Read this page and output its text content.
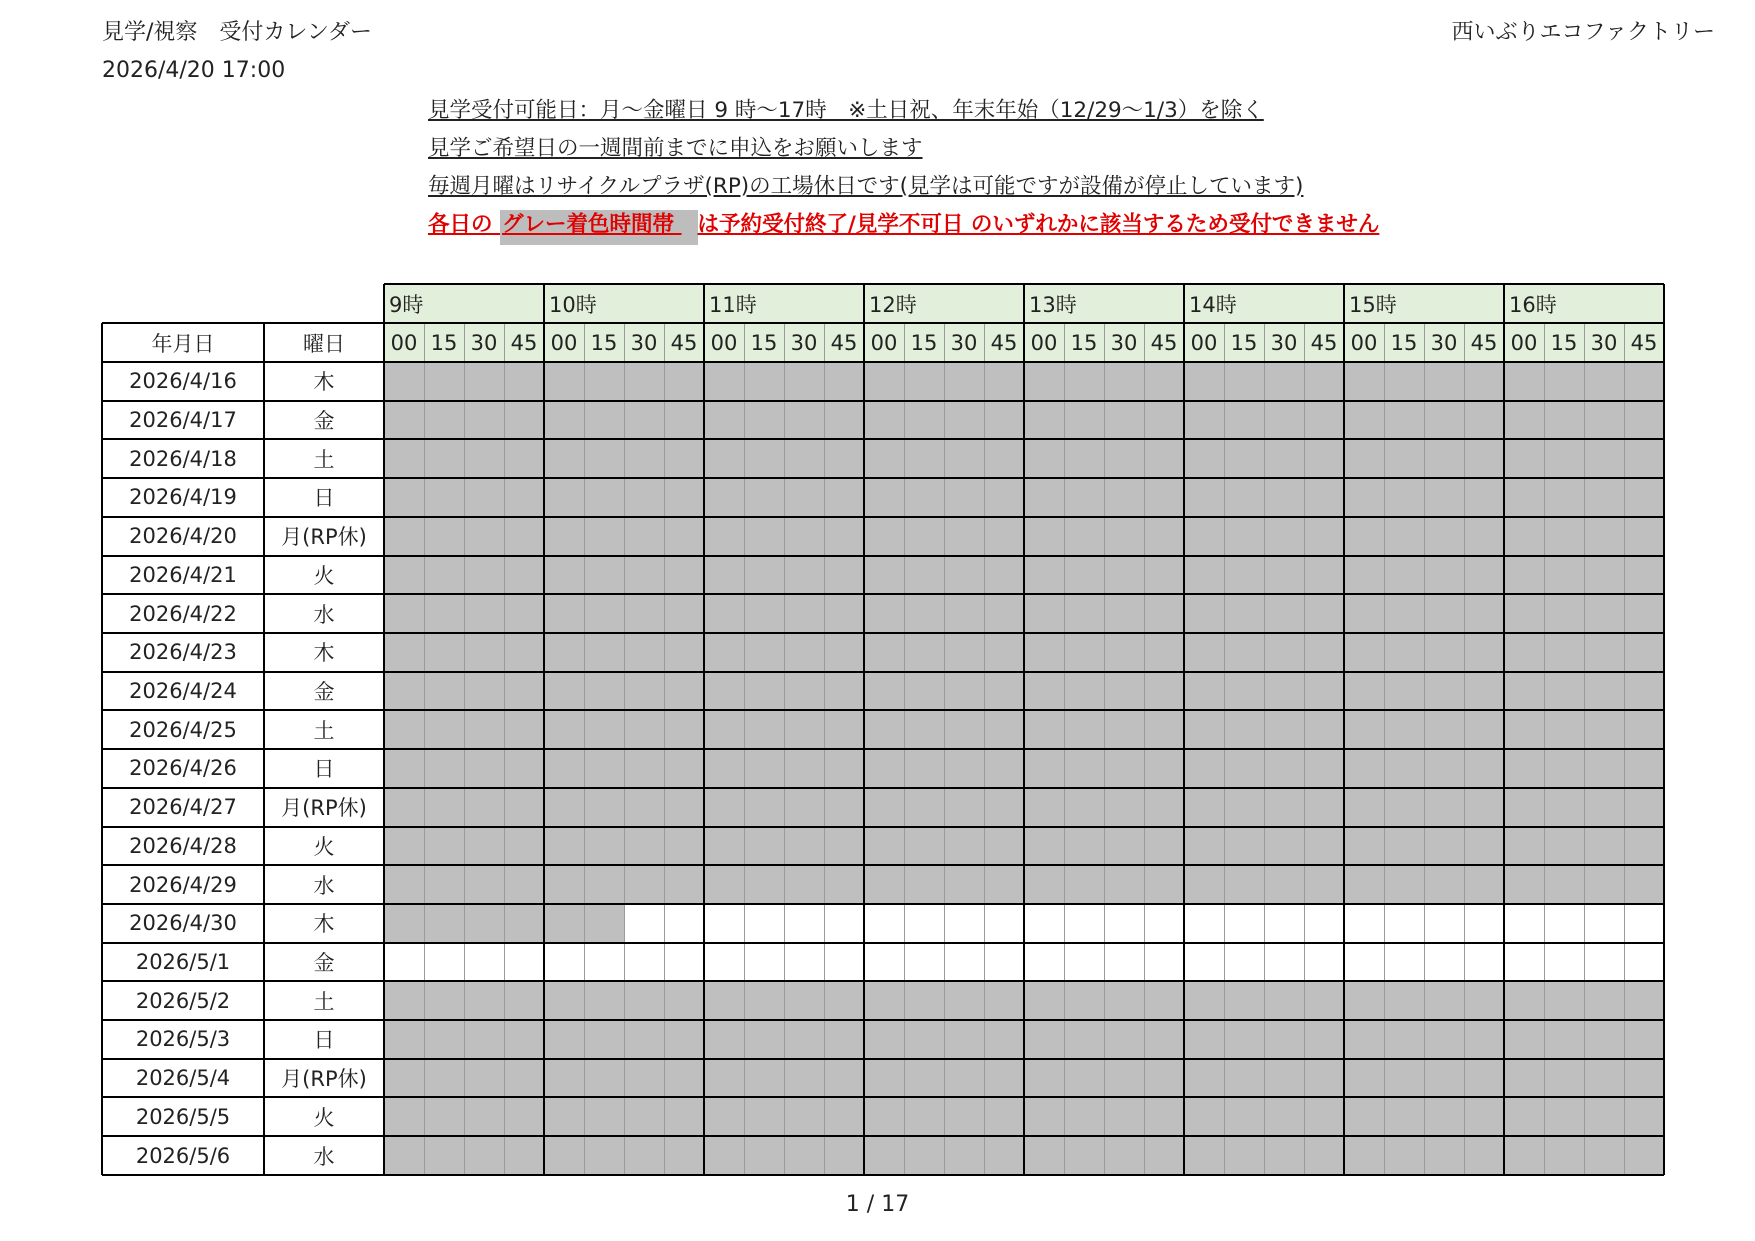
見学/視察　受付カレンダー
2026/4/20 17:00
西いぶりエコファクトリー
見学受付可能日：月～金曜日 9 時～17時　※土日祝、年末年始（12/29～1/3）を除く
見学ご希望日の一週間前までに申込をお願いします
毎週月曜はリサイクルプラザ(RP)の工場休日です(見学は可能ですが設備が停止しています)
各日の グレー着色時間帯 は予約受付終了/見学不可日 のいずれかに該当するため受付できません
9時	10時	11時	12時	13時	14時	15時	16時
年月日	曜日	00 15 30 45 00 15 30 45 00 15 30 45 00 15 30 45 00 15 30 45 00 15 30 45 00 15 30 45 00 15 30 45
2026/4/16	木
2026/4/17	金
2026/4/18	土
2026/4/19	日
2026/4/20	月(RP休)
2026/4/21	火
2026/4/22	水
2026/4/23	木
2026/4/24	金
2026/4/25	土
2026/4/26	日
2026/4/27	月(RP休)
2026/4/28	火
2026/4/29	水
2026/4/30	木
2026/5/1	金
2026/5/2	土
2026/5/3	日
2026/5/4	月(RP休)
2026/5/5	火
2026/5/6	水
1 / 17
